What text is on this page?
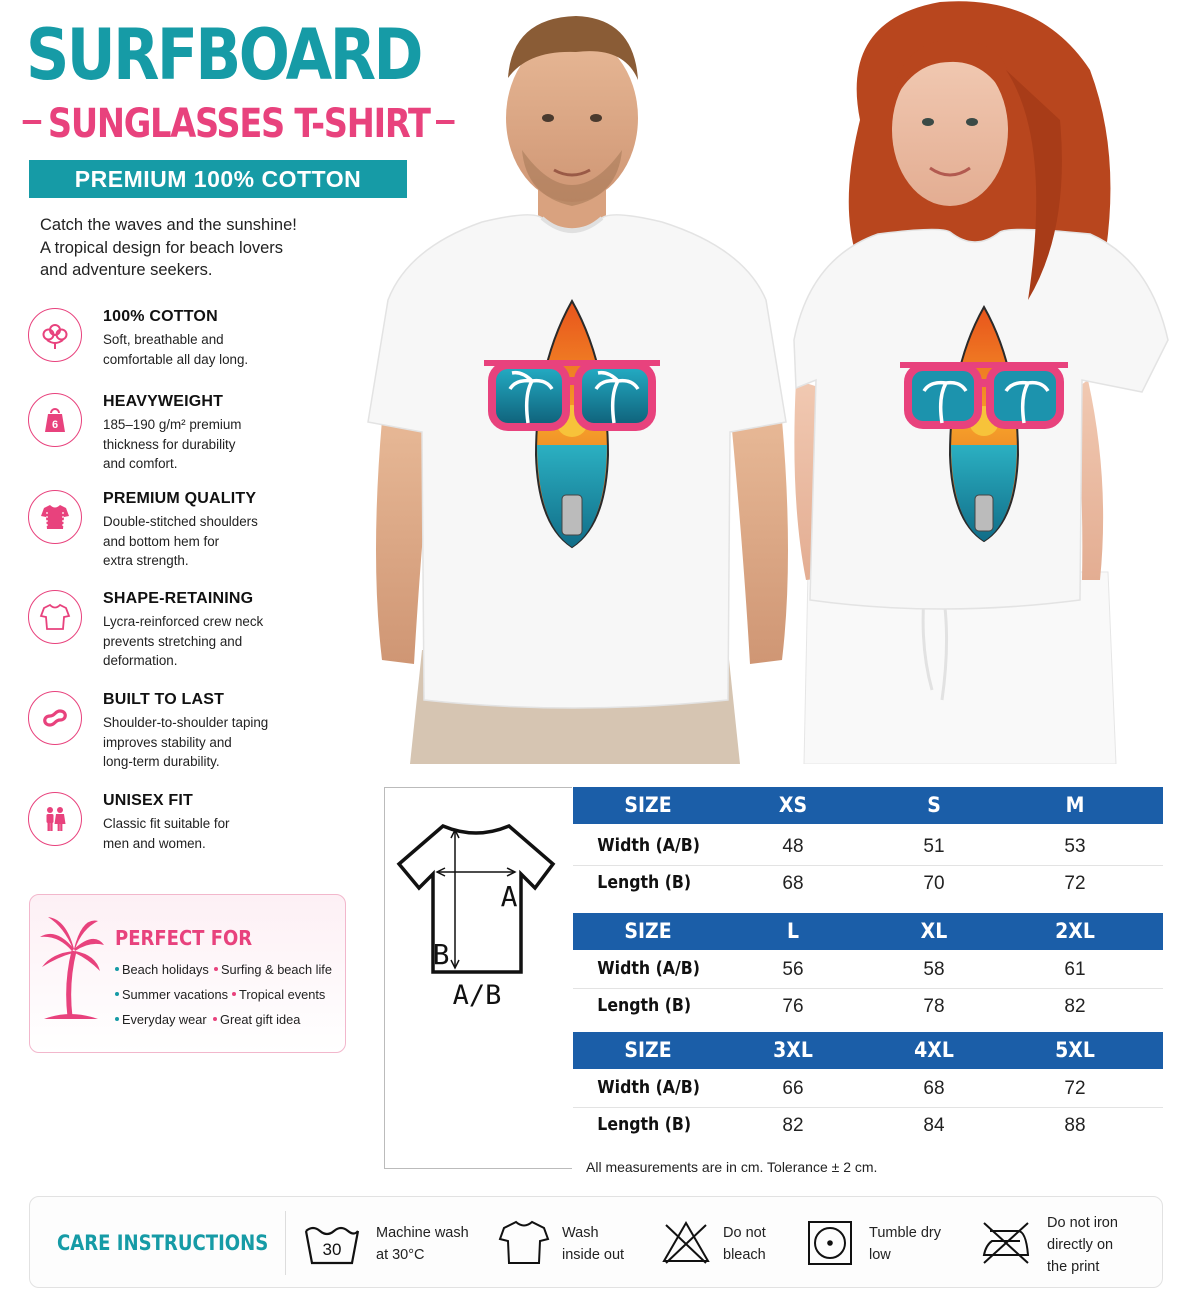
SURFBOARD
SUNGLASSES T-SHIRT
PREMIUM 100% COTTON
Catch the waves and the sunshine!
A tropical design for beach lovers
and adventure seekers.
100% COTTON
Soft, breathable and
comfortable all day long.
6
HEAVYWEIGHT
185–190 g/m² premium
thickness for durability
and comfort.
PREMIUM QUALITY
Double-stitched shoulders
and bottom hem for
extra strength.
SHAPE-RETAINING
Lycra-reinforced crew neck
prevents stretching and
deformation.
BUILT TO LAST
Shoulder-to-shoulder taping
improves stability and
long-term durability.
UNISEX FIT
Classic fit suitable for
men and women.
PERFECT FOR
Beach holidays Surfing & beach life
Summer vacations Tropical events
Everyday wear	Great gift idea
A
B
A/B
SIZE	XS	S	M
Width (A/B)	48	51	53
Length (B)	68	70	72
SIZE	L	XL	2XL
Width (A/B)	56	58	61
Length (B)	76	78	82
SIZE	3XL	4XL	5XL
Width (A/B)	66	68	72
Length (B)	82	84	88
All measurements are in cm. Tolerance ± 2 cm.
CARE INSTRUCTIONS	30
Machine wash
at 30°C
Wash
inside out
Do not
bleach
Tumble dry
low
Do not iron
directly on
the print
